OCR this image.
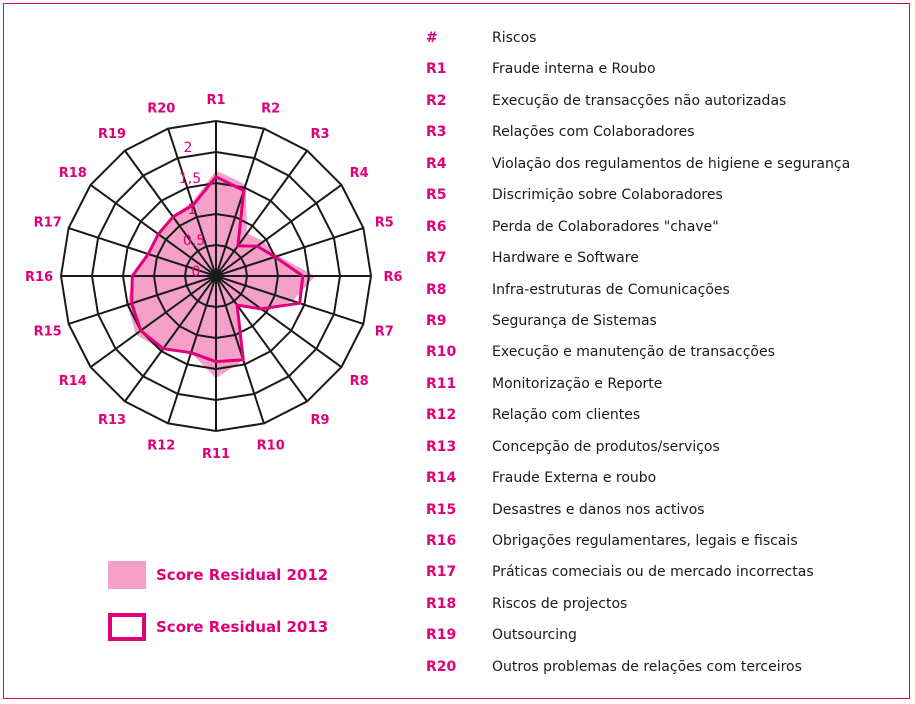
0
0,5
1
1,5
2
R1
R2
R3
R4
R5
R6
R7
R8
R9
R10
R11
R12
R13
R14
R15
R16
R17
R18
R19
R20
Score Residual 2012
Score Residual 2013
#	Riscos
R1	Fraude interna e Roubo
R2	Execução de transacções não autorizadas
R3	Relações com Colaboradores
R4	Violação dos regulamentos de higiene e segurança
R5	Discrimição sobre Colaboradores
R6	Perda de Colaboradores "chave"
R7	Hardware e Software
R8	Infra-estruturas de Comunicações
R9	Segurança de Sistemas
R10	Execução e manutenção de transacções
R11	Monitorização e Reporte
R12	Relação com clientes
R13	Concepção de produtos/serviços
R14	Fraude Externa e roubo
R15	Desastres e danos nos activos
R16	Obrigações regulamentares, legais e fiscais
R17	Práticas comeciais ou de mercado incorrectas
R18	Riscos de projectos
R19	Outsourcing
R20	Outros problemas de relações com terceiros
